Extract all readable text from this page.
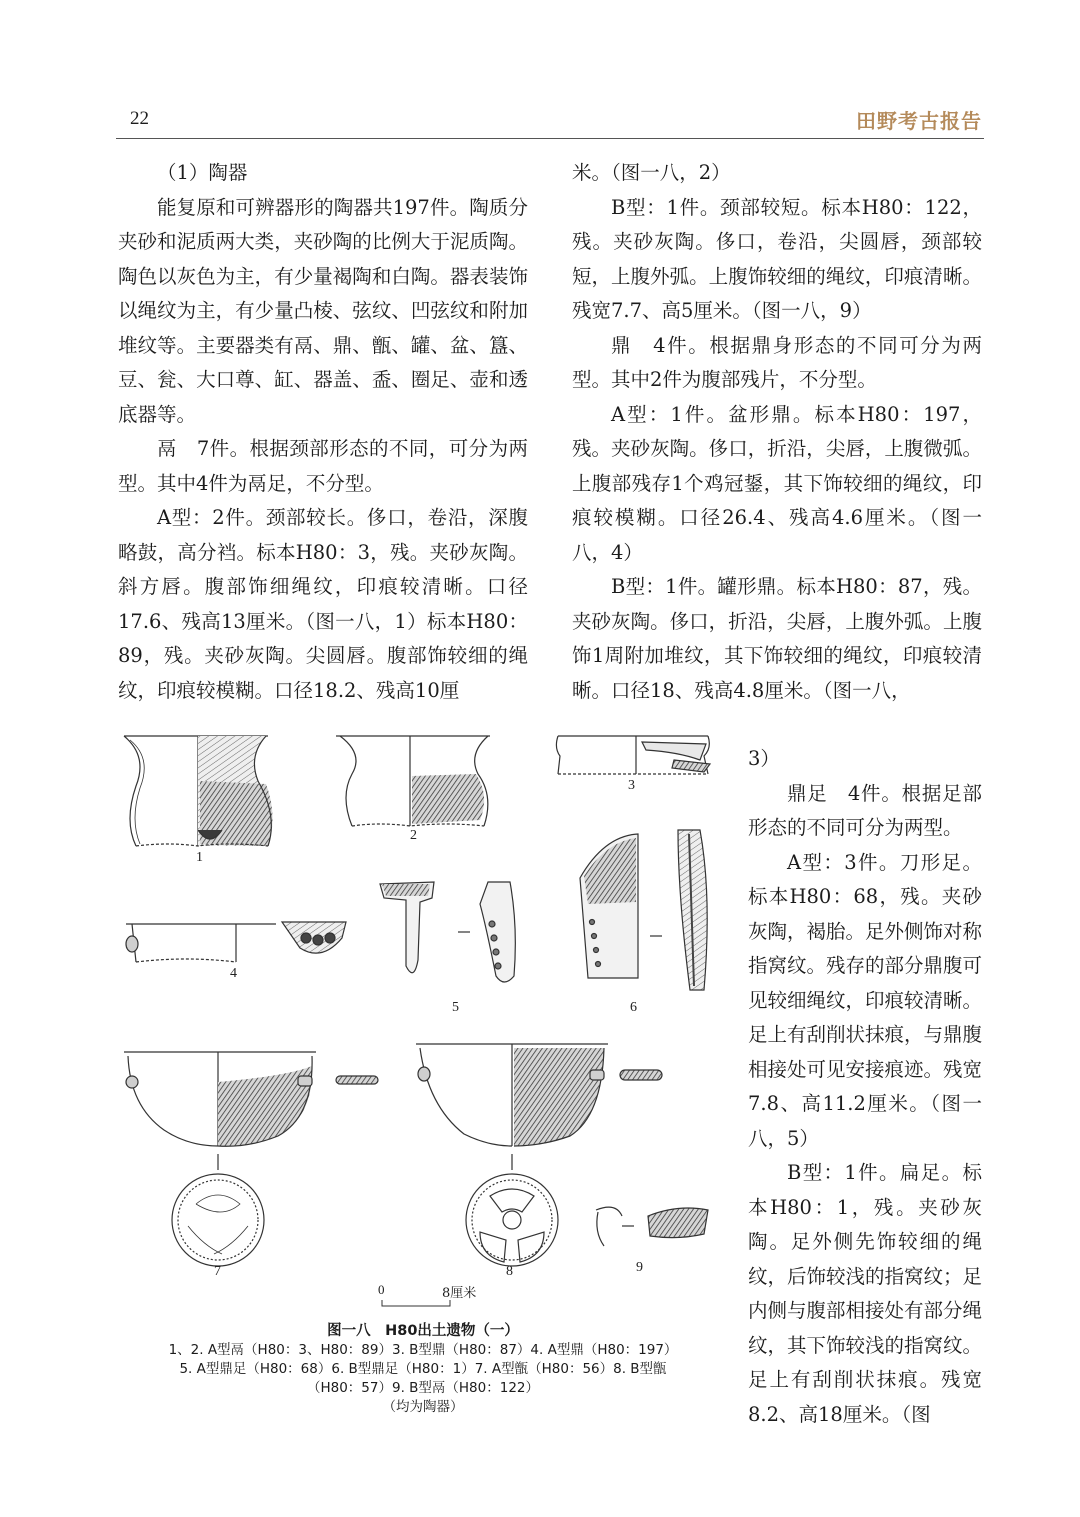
22	田野考古报告

（1）陶器

能复原和可辨器形的陶器共197件。陶质分夹砂和泥质两大类，夹砂陶的比例大于泥质陶。陶色以灰色为主，有少量褐陶和白陶。器表装饰以绳纹为主，有少量凸棱、弦纹、凹弦纹和附加堆纹等。主要器类有鬲、鼎、甑、罐、盆、簋、豆、瓮、大口尊、缸、器盖、盉、圈足、壶和透底器等。

鬲　7件。根据颈部形态的不同，可分为两型。其中4件为鬲足，不分型。

A型：2件。颈部较长。侈口，卷沿，深腹略鼓，高分裆。标本H80：3，残。夹砂灰陶。斜方唇。腹部饰细绳纹，印痕较清晰。口径17.6、残高13厘米。（图一八，1）标本H80：89，残。夹砂灰陶。尖圆唇。腹部饰较细的绳纹，印痕较模糊。口径18.2、残高10厘

米。（图一八，2）

B型：1件。颈部较短。标本H80：122，残。夹砂灰陶。侈口，卷沿，尖圆唇，颈部较短，上腹外弧。上腹饰较细的绳纹，印痕清晰。残宽7.7、高5厘米。（图一八，9）

鼎　4件。根据鼎身形态的不同可分为两型。其中2件为腹部残片，不分型。

A型：1件。盆形鼎。标本H80：197，残。夹砂灰陶。侈口，折沿，尖唇，上腹微弧。上腹部残存1个鸡冠鋬，其下饰较细的绳纹，印痕较模糊。口径26.4、残高4.6厘米。（图一八，4）

B型：1件。罐形鼎。标本H80：87，残。夹砂灰陶。侈口，折沿，尖唇，上腹外弧。上腹饰1周附加堆纹，其下饰较细的绳纹，印痕较清晰。口径18、残高4.8厘米。（图一八，

3）

鼎足　4件。根据足部形态的不同可分为两型。

A型：3件。刀形足。标本H80：68，残。夹砂灰陶，褐胎。足外侧饰对称指窝纹。残存的部分鼎腹可见较细绳纹，印痕较清晰。足上有刮削状抹痕，与鼎腹相接处可见安接痕迹。残宽7.8、高11.2厘米。（图一八，5）

B型：1件。扁足。标本H80：1，残。夹砂灰陶。足外侧先饰较细的绳纹，后饰较浅的指窝纹；足内侧与腹部相接处有部分绳纹，其下饰较浅的指窝纹。足上有刮削状抹痕。残宽8.2、高18厘米。（图

1
2
3
4
5	6
7	8	9
0	8厘米
图一八　H80出土遗物（一）
1、2. A型鬲（H80：3、H80：89）3. B型鼎（H80：87）4. A型鼎（H80：197）
5. A型鼎足（H80：68）6. B型鼎足（H80：1）7. A型甑（H80：56）8. B型甑
（H80：57）9. B型鬲（H80：122）
（均为陶器）
